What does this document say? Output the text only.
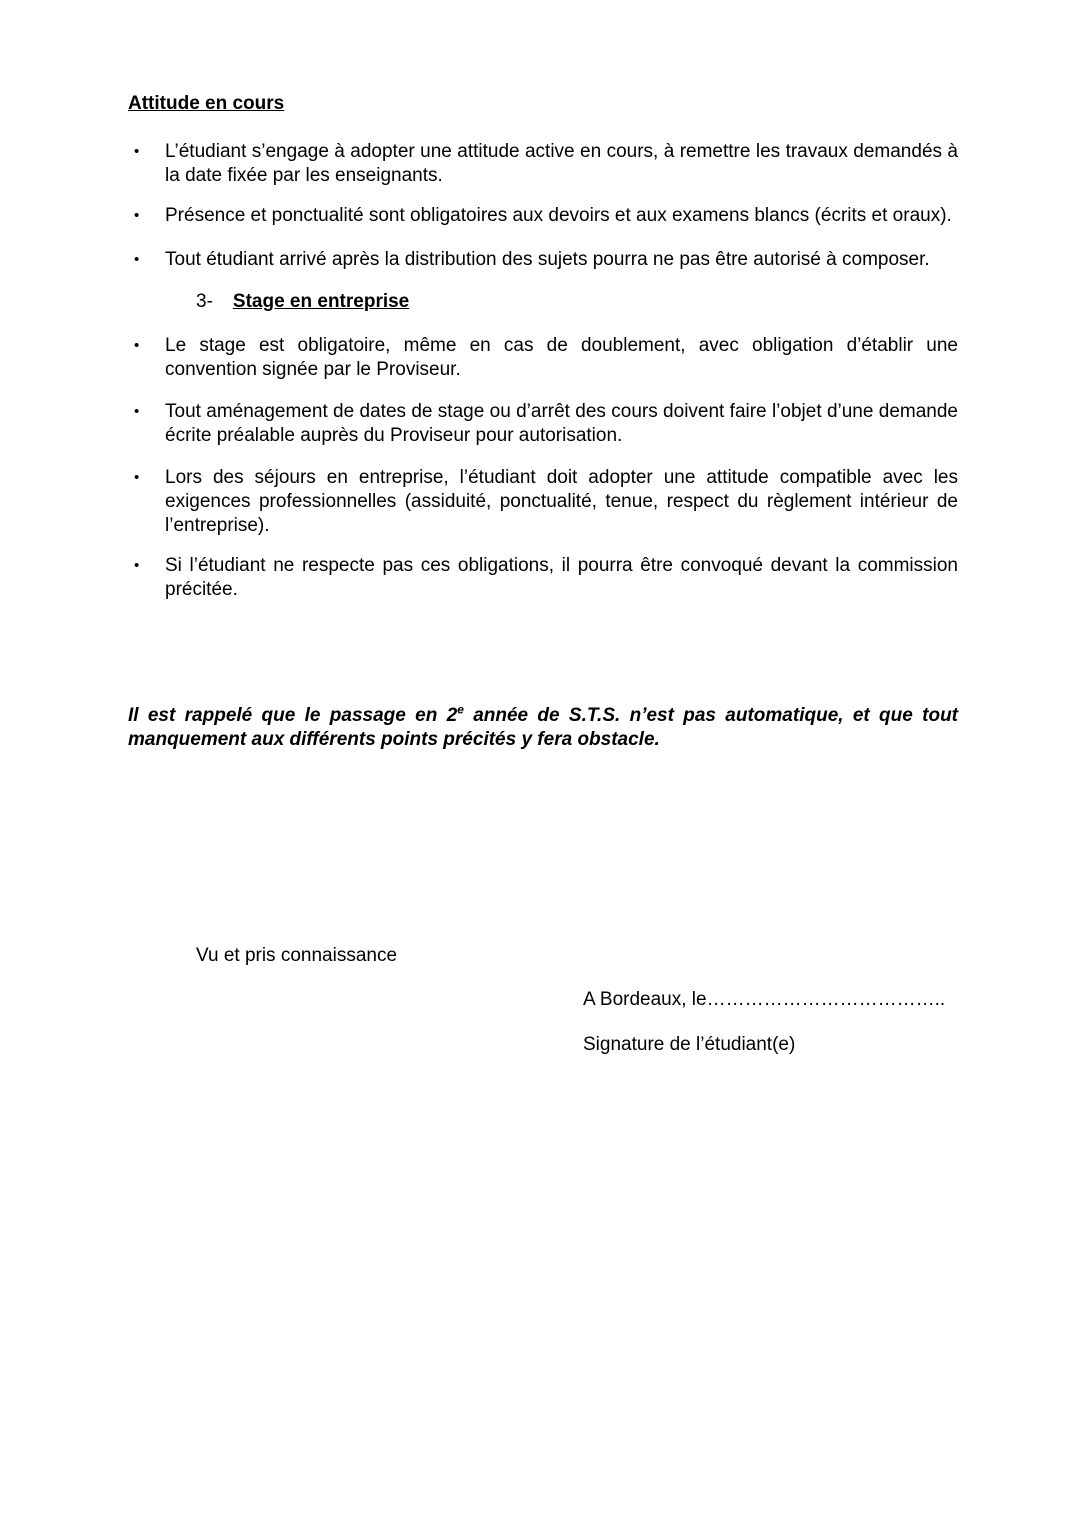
Attitude en cours
•	L’étudiant s’engage à adopter une attitude active en cours, à remettre les travaux demandés à la date fixée par les enseignants.
•	Présence et ponctualité sont obligatoires aux devoirs et aux examens blancs (écrits et oraux).
•	Tout étudiant arrivé après la distribution des sujets pourra ne pas être autorisé à composer.
3- Stage en entreprise
•	Le stage est obligatoire, même en cas de doublement, avec obligation d’établir une convention signée par le Proviseur.
•	Tout aménagement de dates de stage ou d’arrêt des cours doivent faire l’objet d’une demande écrite préalable auprès du Proviseur pour autorisation.
•	Lors des séjours en entreprise, l’étudiant doit adopter une attitude compatible avec les exigences professionnelles (assiduité, ponctualité, tenue, respect du règlement intérieur de l’entreprise).
•	Si l’étudiant ne respecte pas ces obligations, il pourra être convoqué devant la commission précitée.
Il est rappelé que le passage en 2e année de S.T.S. n’est pas automatique, et que tout manquement aux différents points précités y fera obstacle.
Vu et pris connaissance
A Bordeaux, le………………………………..
Signature de l’étudiant(e)
